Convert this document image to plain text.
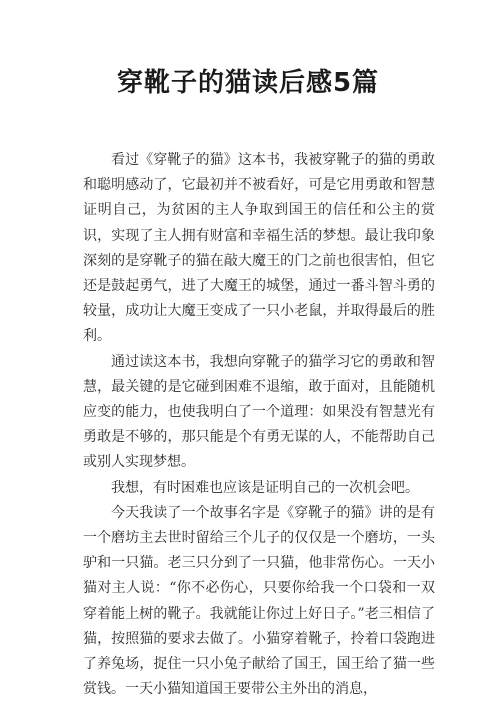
穿靴子的猫读后感5篇

看过《穿靴子的猫》这本书，我被穿靴子的猫的勇敢和聪明感动了，它最初并不被看好，可是它用勇敢和智慧证明自己，为贫困的主人争取到国王的信任和公主的赏识，实现了主人拥有财富和幸福生活的梦想。最让我印象深刻的是穿靴子的猫在敲大魔王的门之前也很害怕，但它还是鼓起勇气，进了大魔王的城堡，通过一番斗智斗勇的较量，成功让大魔王变成了一只小老鼠，并取得最后的胜利。

通过读这本书，我想向穿靴子的猫学习它的勇敢和智慧，最关键的是它碰到困难不退缩，敢于面对，且能随机应变的能力，也使我明白了一个道理：如果没有智慧光有勇敢是不够的，那只能是个有勇无谋的人，不能帮助自己或别人实现梦想。

我想，有时困难也应该是证明自己的一次机会吧。

今天我读了一个故事名字是《穿靴子的猫》讲的是有一个磨坊主去世时留给三个儿子的仅仅是一个磨坊，一头驴和一只猫。老三只分到了一只猫，他非常伤心。一天小猫对主人说：“你不必伤心，只要你给我一个口袋和一双穿着能上树的靴子。我就能让你过上好日子。”老三相信了猫，按照猫的要求去做了。小猫穿着靴子，拎着口袋跑进了养兔场，捉住一只小兔子献给了国王，国王给了猫一些赏钱。一天小猫知道国王要带公主外出的消息，
